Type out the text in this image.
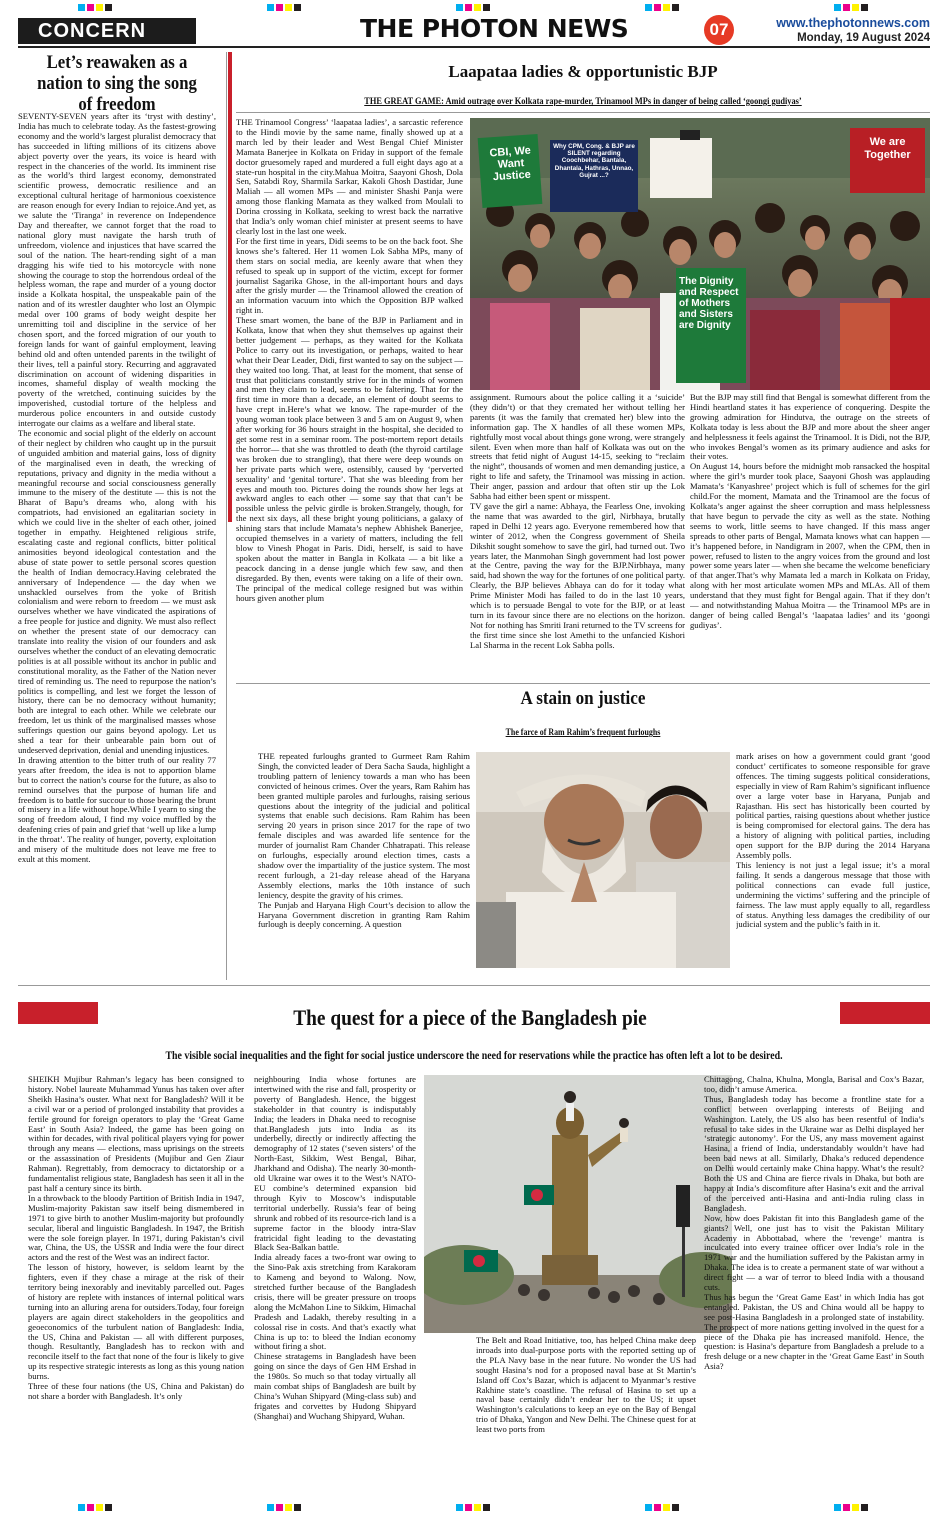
CONCERN	THE PHOTON NEWS	07	www.thephotonnews.com
Monday, 19 August 2024
Let’s reawaken as a nation to sing the song of freedom

SEVENTY-SEVEN years after its ‘tryst with destiny’, India has much to celebrate today. As the fastest-growing economy and the world’s largest pluralist democracy that has succeeded in lifting millions of its citizens above abject poverty over the years, its voice is heard with respect in the chanceries of the world. Its imminent rise as the world’s third largest economy, demonstrated scientific prowess, democratic resilience and an exceptional cultural heritage of harmonious coexistence are reason enough for every Indian to rejoice.And yet, as we salute the ‘Tiranga’ in reverence on Independence Day and thereafter, we cannot forget that the road to national glory must navigate the harsh truth of unfreedom, violence and injustices that have scarred the soul of the nation. The heart-rending sight of a man dragging his wife tied to his motorcycle with none showing the courage to stop the horrendous ordeal of the helpless woman, the rape and murder of a young doctor inside a Kolkata hospital, the unspeakable pain of the nation and of its wrestler daughter who lost an Olympic medal over 100 grams of body weight despite her unremitting toil and discipline in the service of her chosen sport, and the forced migration of our youth to foreign lands for want of gainful employment, leaving behind old and often untended parents in the twilight of their lives, tell a painful story. Recurring and aggravated discrimination on account of widening disparities in incomes, shameful display of wealth mocking the poverty of the wretched, continuing suicides by the impoverished, custodial torture of the helpless and murderous police encounters in and outside custody interrogate our claims as a welfare and liberal state.

The economic and social plight of the elderly on account of their neglect by children who caught up in the pursuit of unguided ambition and material gains, loss of dignity of the marginalised even in death, the wrecking of reputations, privacy and dignity in the media without a meaningful recourse and social consciousness generally immune to the misery of the destitute — this is not the Bharat of Bapu’s dreams who, along with his compatriots, had envisioned an egalitarian society in which we could live in the shelter of each other, joined together in empathy. Heightened religious strife, escalating caste and regional conflicts, bitter political animosities beyond ideological contestation and the abuse of state power to settle personal scores question the health of Indian democracy.Having celebrated the anniversary of Independence — the day when we unshackled ourselves from the yoke of British colonialism and were reborn to freedom — we must ask ourselves whether we have vindicated the aspirations of a free people for justice and dignity. We must also reflect on whether the present state of our democracy can translate into reality the vision of our founders and ask ourselves whether the conduct of an elevating democratic polities is at all possible without its anchor in public and constitutional morality, as the Father of the Nation never tired of reminding us. The need to repurpose the nation’s politics is compelling, and lest we forget the lesson of history, there can be no democracy without humanity; both are integral to each other. While we celebrate our freedom, let us think of the marginalised masses whose sufferings question our gains beyond apology. Let us shed a tear for their unbearable pain born out of undeserved deprivation, denial and unending injustices.

In drawing attention to the bitter truth of our reality 77 years after freedom, the idea is not to apportion blame but to correct the nation’s course for the future, as also to remind ourselves that the purpose of human life and freedom is to battle for succour to those bearing the brunt of misery in a life without hope.While I yearn to sing the song of freedom aloud, I find my voice muffled by the deafening cries of pain and grief that ‘well up like a lump in the throat’. The reality of hunger, poverty, exploitation and misery of the multitude does not leave me free to exult at this moment.

Laapataa ladies & opportunistic BJP
THE GREAT GAME: Amid outrage over Kolkata rape-murder, Trinamool MPs in danger of being called ‘goongi gudiyas’

THE Trinamool Congress’ ‘laapataa ladies’, a sarcastic reference to the Hindi movie by the same name, finally showed up at a march led by their leader and West Bengal Chief Minister Mamata Banerjee in Kolkata on Friday in support of the female doctor gruesomely raped and murdered a full eight days ago at a state-run hospital in the city.Mahua Moitra, Saayoni Ghosh, Dola Sen, Satabdi Roy, Sharmila Sarkar, Kakoli Ghosh Dastidar, June Maliah — all women MPs — and minister Shashi Panja were among those flanking Mamata as they walked from Moulali to Dorina crossing in Kolkata, seeking to wrest back the narrative that India’s only woman chief minister at present seems to have clearly lost in the last one week.

For the first time in years, Didi seems to be on the back foot. She knows she’s faltered. Her 11 women Lok Sabha MPs, many of them stars on social media, are keenly aware that when they refused to speak up in support of the victim, except for former journalist Sagarika Ghose, in the all-important hours and days after the grisly murder — the Trinamool allowed the creation of an information vacuum into which the Opposition BJP walked right in.

These smart women, the bane of the BJP in Parliament and in Kolkata, know that when they shut themselves up against their better judgement — perhaps, as they waited for the Kolkata Police to carry out its investigation, or perhaps, waited to hear what their Dear Leader, Didi, first wanted to say on the subject — they waited too long. That, at least for the moment, that sense of trust that politicians constantly strive for in the minds of women and men they claim to lead, seems to be faltering. That for the first time in more than a decade, an element of doubt seems to have crept in.Here’s what we know. The rape-murder of the young woman took place between 3 and 5 am on August 9, when after working for 36 hours straight in the hospital, she decided to get some rest in a seminar room. The post-mortem report details the horror— that she was throttled to death (the thyroid cartilage was broken due to strangling), that there were deep wounds on her private parts which were, ostensibly, caused by ‘perverted sexuality’ and ‘genital torture’. That she was bleeding from her eyes and mouth too. Pictures doing the rounds show her legs at awkward angles to each other — some say that that can’t be possible unless the pelvic girdle is broken.Strangely, though, for the next six days, all these bright young politicians, a galaxy of shining stars that include Mamata’s nephew Abhishek Banerjee, occupied themselves in a variety of matters, including the fell blow to Vinesh Phogat in Paris. Didi, herself, is said to have spoken about the matter in Bangla in Kolkata — a bit like a peacock dancing in a dense jungle which few saw, and then disregarded. By then, events were taking on a life of their own. The principal of the medical college resigned but was within hours given another plum

CBI, We Want Justice
Why CPM, Cong. & BJP are SILENT regarding Coochbehar, Bantala, Dhantala, Hathras, Unnao, Gujrat ...?
We are Together
The Dignity and Respect of Mothers and Sisters are Dignity

assignment. Rumours about the police calling it a ‘suicide’ (they didn’t) or that they cremated her without telling her parents (it was the family that cremated her) blew into the information gap. The X handles of all these women MPs, rightfully most vocal about things gone wrong, were strangely silent. Even when more than half of Kolkata was out on the streets that fetid night of August 14-15, seeking to “reclaim the night”, thousands of women and men demanding justice, a right to life and safety, the Trinamool was missing in action. Their anger, passion and ardour that often stir up the Lok Sabha had either been spent or misspent.

TV gave the girl a name: Abhaya, the Fearless One, invoking the name that was awarded to the girl, Nirbhaya, brutally raped in Delhi 12 years ago. Everyone remembered how that winter of 2012, when the Congress government of Sheila Dikshit sought somehow to save the girl, had turned out. Two years later, the Manmohan Singh government had lost power at the Centre, paving the way for the BJP.Nirbhaya, many said, had shown the way for the fortunes of one political party. Clearly, the BJP believes Abhaya can do for it today what Prime Minister Modi has failed to do in the last 10 years, which is to persuade Bengal to vote for the BJP, or at least turn in its favour since there are no elections on the horizon. Not for nothing has Smriti Irani returned to the TV screens for the first time since she lost Amethi to the unfancied Kishori Lal Sharma in the recent Lok Sabha polls.

But the BJP may still find that Bengal is somewhat different from the Hindi heartland states it has experience of conquering. Despite the growing admiration for Hindutva, the outrage on the streets of Kolkata today is less about the BJP and more about the sheer anger and helplessness it feels against the Trinamool. It is Didi, not the BJP, who invokes Bengal’s women as its primary audience and asks for their votes.

On August 14, hours before the midnight mob ransacked the hospital where the girl’s murder took place, Saayoni Ghosh was applauding Mamata’s ‘Kanyashree’ project which is full of schemes for the girl child.For the moment, Mamata and the Trinamool are the focus of Kolkata’s anger against the sheer corruption and mass helplessness that have begun to pervade the city as well as the state. Nothing seems to work, little seems to have changed. If this mass anger spreads to other parts of Bengal, Mamata knows what can happen — it’s happened before, in Nandigram in 2007, when the CPM, then in power, refused to listen to the angry voices from the ground and lost power some years later — when she became the welcome beneficiary of that anger.That’s why Mamata led a march in Kolkata on Friday, along with her most articulate women MPs and MLAs. All of them understand that they must fight for Bengal again. That if they don’t — and notwithstanding Mahua Moitra — the Trinamool MPs are in danger of being called Bengal’s ‘laapataa ladies’ and its ‘goongi gudiyas’.

A stain on justice
The farce of Ram Rahim’s frequent furloughs

THE repeated furloughs granted to Gurmeet Ram Rahim Singh, the convicted leader of Dera Sacha Sauda, highlight a troubling pattern of leniency towards a man who has been convicted of heinous crimes. Over the years, Ram Rahim has been granted multiple paroles and furloughs, raising serious questions about the integrity of the judicial and political systems that enable such decisions. Ram Rahim has been serving 20 years in prison since 2017 for the rape of two female disciples and was awarded life sentence for the murder of journalist Ram Chander Chhatrapati. This release on furloughs, especially around election times, casts a shadow over the impartiality of the justice system. The most recent furlough, a 21-day release ahead of the Haryana Assembly elections, marks the 10th instance of such leniency, despite the gravity of his crimes.

The Punjab and Haryana High Court’s decision to allow the Haryana Government discretion in granting Ram Rahim furlough is deeply concerning. A question

mark arises on how a government could grant ‘good conduct’ certificates to someone responsible for grave offences. The timing suggests political considerations, especially in view of Ram Rahim’s significant influence over a large voter base in Haryana, Punjab and Rajasthan. His sect has historically been courted by political parties, raising questions about whether justice is being compromised for electoral gains. The dera has a history of aligning with political parties, including open support for the BJP during the 2014 Haryana Assembly polls.

This leniency is not just a legal issue; it’s a moral failing. It sends a dangerous message that those with political connections can evade full justice, undermining the victims’ suffering and the principle of fairness. The law must apply equally to all, regardless of status. Anything less damages the credibility of our judicial system and the public’s faith in it.

The quest for a piece of the Bangladesh pie
The visible social inequalities and the fight for social justice underscore the need for reservations while the practice has often left a lot to be desired.

SHEIKH Mujibur Rahman’s legacy has been consigned to history. Nobel laureate Muhammad Yunus has taken over after Sheikh Hasina’s ouster. What next for Bangladesh? Will it be a civil war or a period of prolonged instability that provides a fertile ground for foreign operators to play the ‘Great Game East’ in South Asia? Indeed, the game has been going on within for decades, with rival political players vying for power through any means — elections, mass uprisings on the streets or the assassination of Presidents (Mujibur and Gen Ziaur Rahman). Regrettably, from democracy to dictatorship or a fundamentalist religious state, Bangladesh has seen it all in the past half a century since its birth.

In a throwback to the bloody Partition of British India in 1947, Muslim-majority Pakistan saw itself being dismembered in 1971 to give birth to another Muslim-majority but profoundly secular, liberal and linguistic Bangladesh. In 1947, the British were the sole foreign player. In 1971, during Pakistan’s civil war, China, the US, the USSR and India were the four direct actors and the rest of the West was an indirect factor.

The lesson of history, however, is seldom learnt by the fighters, even if they chase a mirage at the risk of their territory being inexorably and inevitably parcelled out. Pages of history are replete with instances of internal political wars turning into an alluring arena for outsiders.Today, four foreign players are again direct stakeholders in the geopolitics and geoeconomics of the turbulent nation of Bangladesh: India, the US, China and Pakistan — all with different purposes, though. Resultantly, Bangladesh has to reckon with and reconcile itself to the fact that none of the four is likely to give up its respective strategic interests as long as this young nation burns.

Three of these four nations (the US, China and Pakistan) do not share a border with Bangladesh. It’s only

neighbouring India whose fortunes are intertwined with the rise and fall, prosperity or poverty of Bangladesh. Hence, the biggest stakeholder in that country is indisputably India; the leaders in Dhaka need to recognise that.Bangladesh juts into India as its underbelly, directly or indirectly affecting the demography of 12 states (‘seven sisters’ of the North-East, Sikkim, West Bengal, Bihar, Jharkhand and Odisha). The nearly 30-month-old Ukraine war owes it to the West’s NATO-EU combine’s determined expansion bid through Kyiv to Moscow’s indisputable territorial underbelly. Russia’s fear of being shrunk and robbed of its resource-rich land is a supreme factor in the bloody intra-Slav fratricidal fight leading to the devastating Black Sea-Balkan battle.

India already faces a two-front war owing to the Sino-Pak axis stretching from Karakoram to Kameng and beyond to Walong. Now, stretched further because of the Bangladesh crisis, there will be greater pressure on troops along the McMahon Line to Sikkim, Himachal Pradesh and Ladakh, thereby resulting in a colossal rise in costs. And that’s exactly what China is up to: to bleed the Indian economy without firing a shot.

Chinese stratagems in Bangladesh have been going on since the days of Gen HM Ershad in the 1980s. So much so that today virtually all main combat ships of Bangladesh are built by China’s Wuhan Shipyard (Ming-class sub) and frigates and corvettes by Hudong Shipyard (Shanghai) and Wuchang Shipyard, Wuhan.

The Belt and Road Initiative, too, has helped China make deep inroads into dual-purpose ports with the reported setting up of the PLA Navy base in the near future. No wonder the US had sought Hasina’s nod for a proposed naval base at St Martin’s Island off Cox’s Bazar, which is adjacent to Myanmar’s restive Rakhine state’s coastline. The refusal of Hasina to set up a naval base certainly didn’t endear her to the US; it upset Washington’s calculations to keep an eye on the Bay of Bengal trio of Dhaka, Yangon and New Delhi. The Chinese quest for at least two ports from

Chittagong, Chalna, Khulna, Mongla, Barisal and Cox’s Bazar, too, didn’t amuse America.

Thus, Bangladesh today has become a frontline state for a conflict between overlapping interests of Beijing and Washington. Lately, the US also has been resentful of India’s refusal to take sides in the Ukraine war as Delhi displayed her ‘strategic autonomy’. For the US, any mass movement against Hasina, a friend of India, understandably wouldn’t have had been bad news at all. Similarly, Dhaka’s reduced dependence on Delhi would certainly make China happy. What’s the result? Both the US and China are fierce rivals in Dhaka, but both are happy at India’s discomfiture after Hasina’s exit and the arrival of the perceived anti-Hasina and anti-India ruling class in Bangladesh.

Now, how does Pakistan fit into this Bangladesh game of the giants? Well, one just has to visit the Pakistan Military Academy in Abbottabad, where the ‘revenge’ mantra is inculcated into every trainee officer over India’s role in the 1971 war and the humiliation suffered by the Pakistan army in Dhaka. The idea is to create a permanent state of war without a direct fight — a war of terror to bleed India with a thousand cuts.

Thus has begun the ‘Great Game East’ in which India has got entangled. Pakistan, the US and China would all be happy to see post-Hasina Bangladesh in a prolonged state of instability. The prospect of more nations getting involved in the quest for a piece of the Dhaka pie has increased manifold. Hence, the question: is Hasina’s departure from Bangladesh a prelude to a fresh deluge or a new chapter in the ‘Great Game East’ in South Asia?
